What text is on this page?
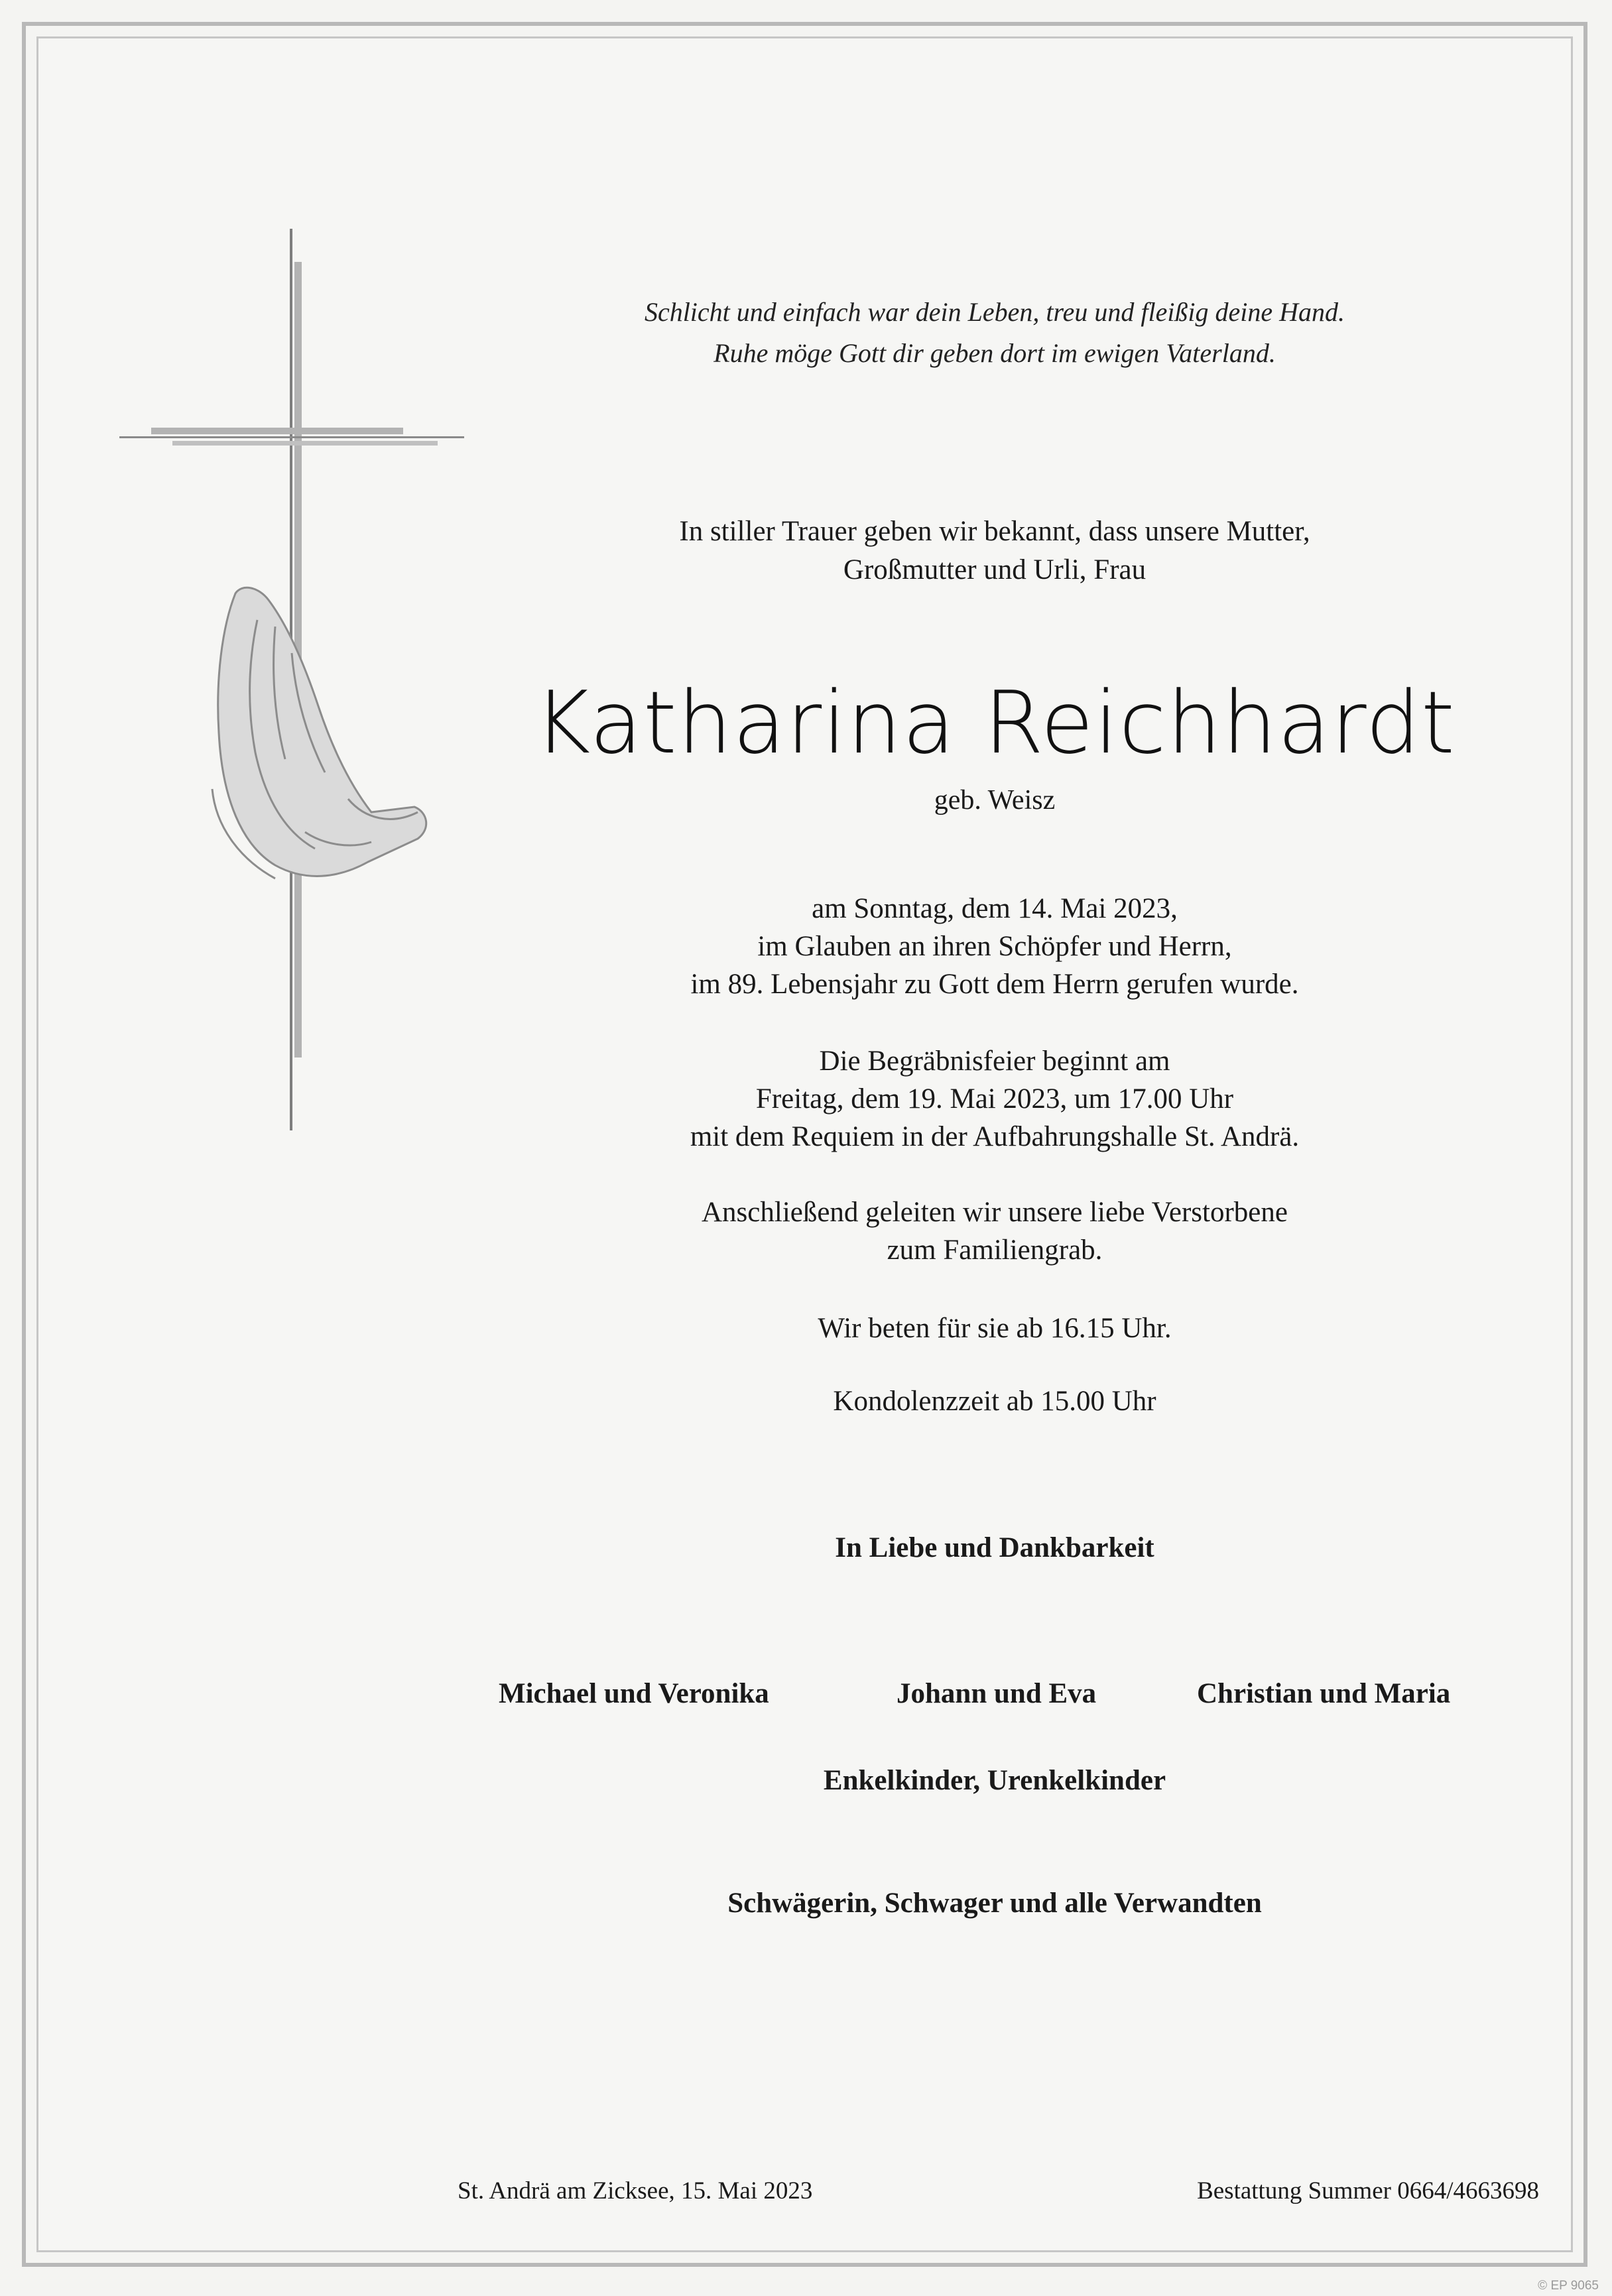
Schlicht und einfach war dein Leben, treu und fleißig deine Hand.
Ruhe möge Gott dir geben dort im ewigen Vaterland.
In stiller Trauer geben wir bekannt, dass unsere Mutter,
Großmutter und Urli, Frau
Katharina Reichhardt
geb. Weisz
am Sonntag, dem 14. Mai 2023,
im Glauben an ihren Schöpfer und Herrn,
im 89. Lebensjahr zu Gott dem Herrn gerufen wurde.
Die Begräbnisfeier beginnt am
Freitag, dem 19. Mai 2023, um 17.00 Uhr
mit dem Requiem in der Aufbahrungshalle St. Andrä.
Anschließend geleiten wir unsere liebe Verstorbene
zum Familiengrab.
Wir beten für sie ab 16.15 Uhr.
Kondolenzzeit ab 15.00 Uhr
In Liebe und Dankbarkeit
Michael und Veronika	Johann und Eva	Christian und Maria
Enkelkinder, Urenkelkinder
Schwägerin, Schwager und alle Verwandten
St. Andrä am Zicksee, 15. Mai 2023	Bestattung Summer 0664/4663698
© EP 9065
